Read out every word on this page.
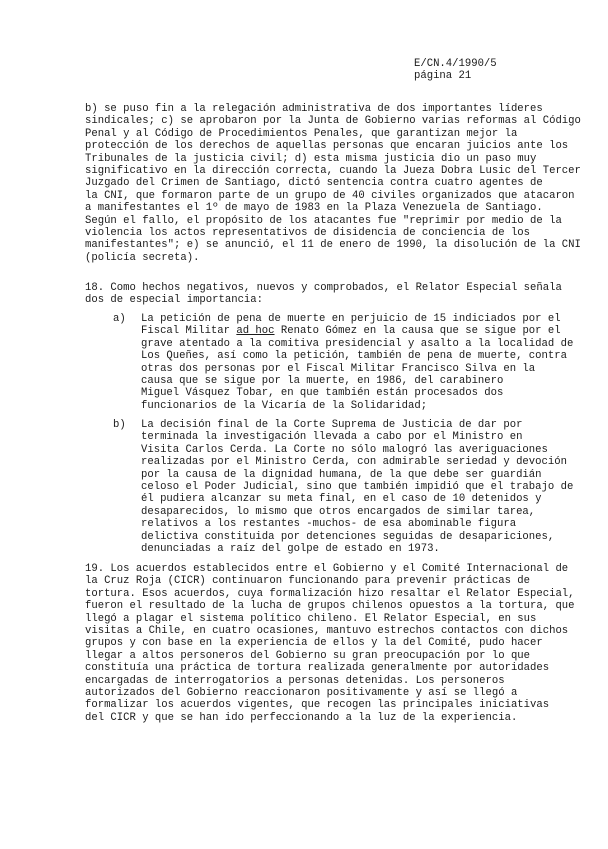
E/CN.4/1990/5
página 21
b) se puso fin a la relegación administrativa de dos importantes líderes
sindicales; c) se aprobaron por la Junta de Gobierno varias reformas al Código
Penal y al Código de Procedimientos Penales, que garantizan mejor la
protección de los derechos de aquellas personas que encaran juicios ante los
Tribunales de la justicia civil; d) esta misma justicia dio un paso muy
significativo en la dirección correcta, cuando la Jueza Dobra Lusic del Tercer
Juzgado del Crimen de Santiago, dictó sentencia contra cuatro agentes de
la CNI, que formaron parte de un grupo de 40 civiles organizados que atacaron
a manifestantes el 1º de mayo de 1983 en la Plaza Venezuela de Santiago.
Según el fallo, el propósito de los atacantes fue "reprimir por medio de la
violencia los actos representativos de disidencia de conciencia de los
manifestantes"; e) se anunció, el 11 de enero de 1990, la disolución de la CNI
(policía secreta).
18. Como hechos negativos, nuevos y comprobados, el Relator Especial señala
dos de especial importancia:
a) La petición de pena de muerte en perjuicio de 15 indiciados por el
Fiscal Militar ad hoc Renato Gómez en la causa que se sigue por el
grave atentado a la comitiva presidencial y asalto a la localidad de
Los Queñes, así como la petición, también de pena de muerte, contra
otras dos personas por el Fiscal Militar Francisco Silva en la
causa que se sigue por la muerte, en 1986, del carabinero
Miguel Vásquez Tobar, en que también están procesados dos
funcionarios de la Vicaría de la Solidaridad;
b) La decisión final de la Corte Suprema de Justicia de dar por
terminada la investigación llevada a cabo por el Ministro en
Visita Carlos Cerda. La Corte no sólo malogró las averiguaciones
realizadas por el Ministro Cerda, con admirable seriedad y devoción
por la causa de la dignidad humana, de la que debe ser guardián
celoso el Poder Judicial, sino que también impidió que el trabajo de
él pudiera alcanzar su meta final, en el caso de 10 detenidos y
desaparecidos, lo mismo que otros encargados de similar tarea,
relativos a los restantes -muchos- de esa abominable figura
delictiva constituida por detenciones seguidas de desapariciones,
denunciadas a raíz del golpe de estado en 1973.
19. Los acuerdos establecidos entre el Gobierno y el Comité Internacional de
la Cruz Roja (CICR) continuaron funcionando para prevenir prácticas de
tortura. Esos acuerdos, cuya formalización hizo resaltar el Relator Especial,
fueron el resultado de la lucha de grupos chilenos opuestos a la tortura, que
llegó a plagar el sistema político chileno. El Relator Especial, en sus
visitas a Chile, en cuatro ocasiones, mantuvo estrechos contactos con dichos
grupos y con base en la experiencia de ellos y la del Comité, pudo hacer
llegar a altos personeros del Gobierno su gran preocupación por lo que
constituía una práctica de tortura realizada generalmente por autoridades
encargadas de interrogatorios a personas detenidas. Los personeros
autorizados del Gobierno reaccionaron positivamente y así se llegó a
formalizar los acuerdos vigentes, que recogen las principales iniciativas
del CICR y que se han ido perfeccionando a la luz de la experiencia.
